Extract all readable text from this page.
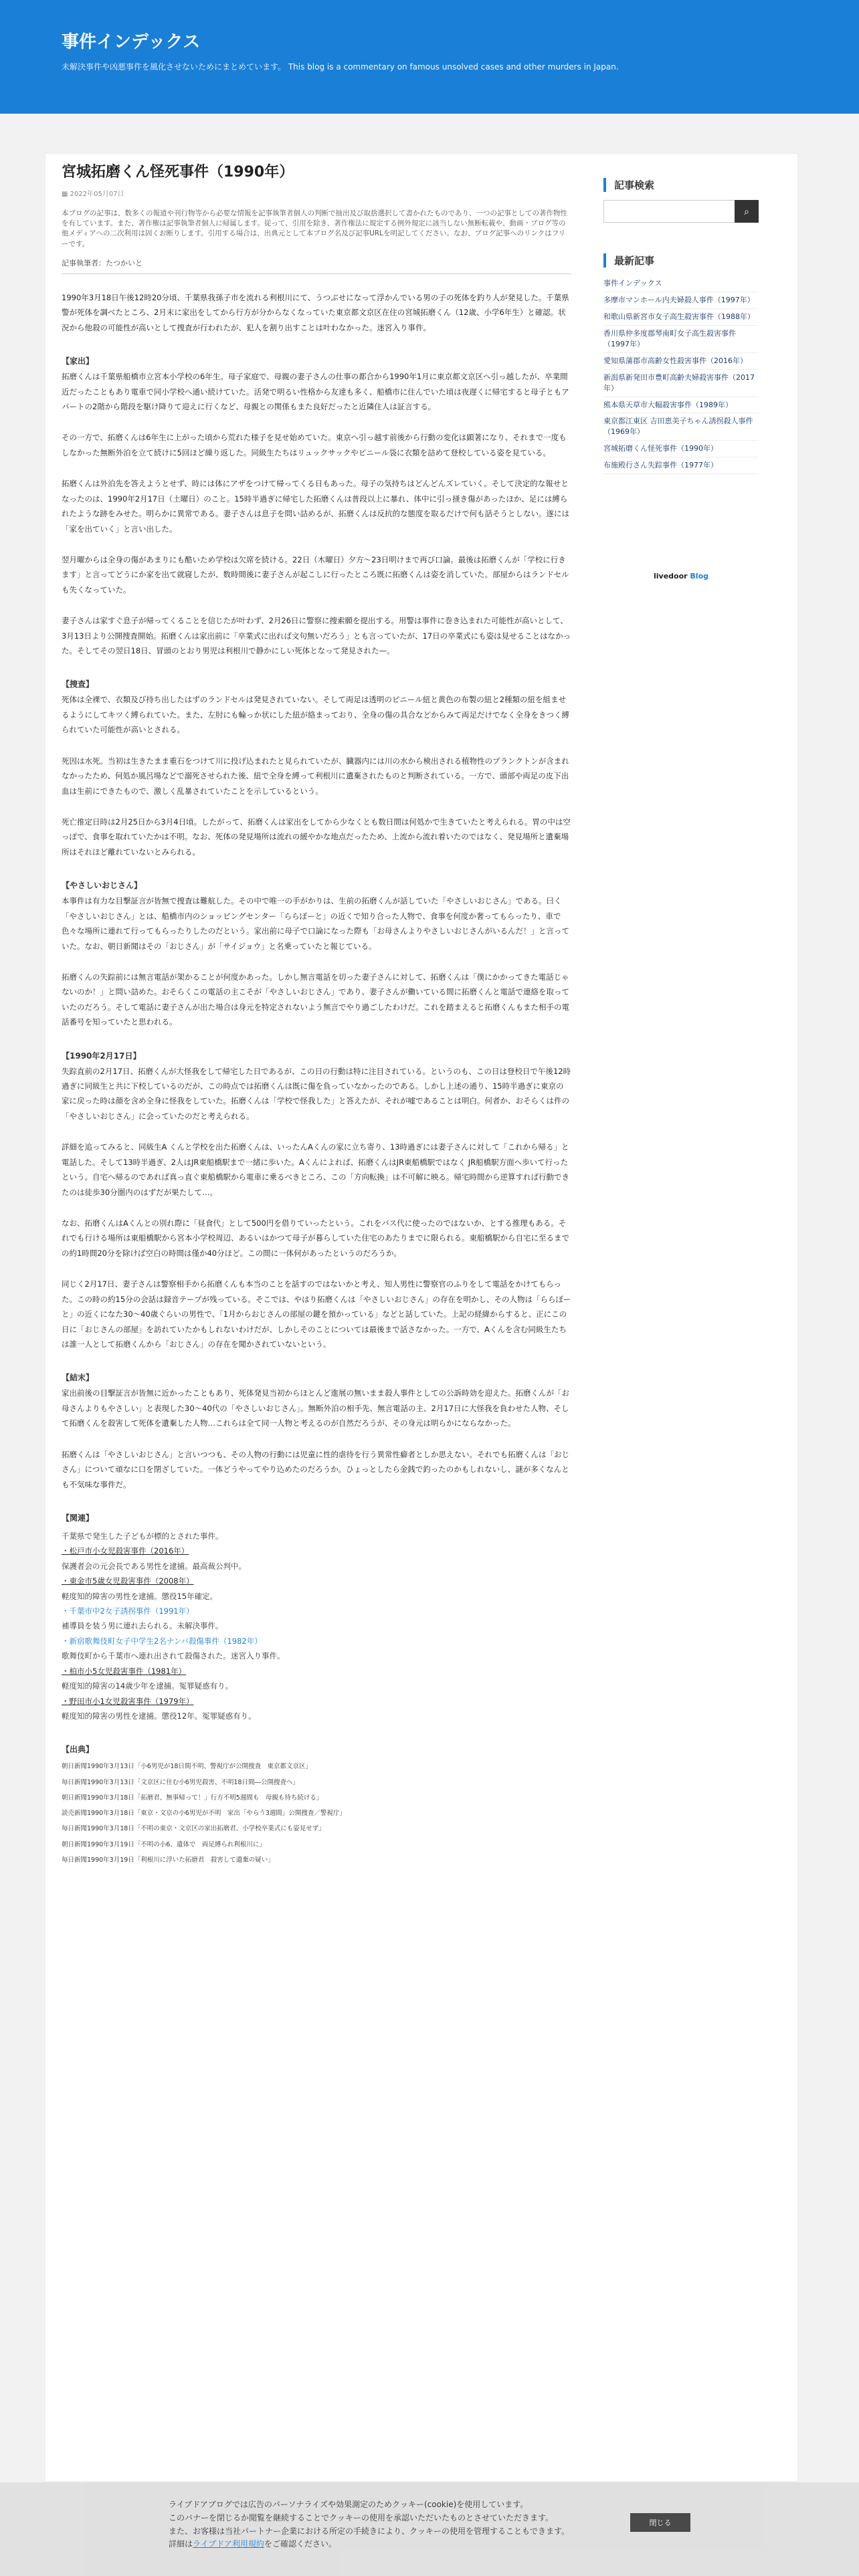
事件インデックス
未解決事件や凶悪事件を風化させないためにまとめています。 This blog is a commentary on famous unsolved cases and other murders in Japan.
宮城拓磨くん怪死事件（1990年）
▦ 2022年05月07日

本ブログの記事は、数多くの報道や刊行物等から必要な情報を記事執筆者個人の判断で抽出及び取捨選択して書かれたものであり、一つの記事としての著作物性を有しています。また、著作権は記事執筆者個人に帰属します。従って、引用を除き、著作権法に規定する例外規定に該当しない無断転載や、動画・ブログ等の他メディアへの二次利用は固くお断りします。引用する場合は、出典元として本ブログ名及び記事URLを明記してください。なお、ブログ記事へのリンクはフリーです。

記事執筆者：たつかいと

1990年3月18日午後12時20分頃、千葉県我孫子市を流れる利根川にて、うつぶせになって浮かんでいる男の子の死体を釣り人が発見した。千葉県警が死体を調べたところ、2月末に家出をしてから行方が分からなくなっていた東京都文京区在住の宮城拓磨くん（12歳、小学6年生）と確認。状況から他殺の可能性が高いとして捜査が行われたが、犯人を割り出すことは叶わなかった。迷宮入り事件。

【家出】

拓磨くんは千葉県船橋市立宮本小学校の6年生。母子家庭で、母親の妻子さんの仕事の都合から1990年1月に東京都文京区へ引っ越したが、卒業間近だったこともあり電車で同小学校へ通い続けていた。活発で明るい性格から友達も多く、船橋市に住んでいた頃は夜遅くに帰宅すると母子ともアパートの2階から階段を駆け降りて迎えに行くなど、母親との関係もまた良好だったと近隣住人は証言する。

その一方で、拓磨くんは6年生に上がった頃から荒れた様子を見せ始めていた。東京へ引っ越す前後から行動の変化は顕著になり、それまで一度もしなかった無断外泊を立て続けに5回ほど繰り返した。同級生たちはリュックサックやビニール袋に衣類を詰めて登校している姿を見ている。

拓磨くんは外泊先を答えようとせず、時には体にアザをつけて帰ってくる日もあった。母子の気持ちはどんどんズレていく。そして決定的な報せとなったのは、1990年2月17日（土曜日）のこと。15時半過ぎに帰宅した拓磨くんは普段以上に暴れ、体中に引っ掻き傷があったほか、足には縛られたような跡をみせた。明らかに異常である。妻子さんは息子を問い詰めるが、拓磨くんは反抗的な態度を取るだけで何も話そうとしない。遂には「家を出ていく」と言い出した。

翌月曜からは全身の傷があまりにも酷いため学校は欠席を続ける。22日（木曜日）夕方〜23日明けまで再び口論。最後は拓磨くんが「学校に行きます」と言ってどうにか家を出て就寝したが、数時間後に妻子さんが起こしに行ったところ既に拓磨くんは姿を消していた。部屋からはランドセルも失くなっていた。

妻子さんは家すぐ息子が帰ってくることを信じたが叶わず、2月26日に警察に捜索願を提出する。用警は事件に巻き込まれた可能性が高いとして、3月13日より公開捜査開始。拓磨くんは家出前に「卒業式に出れば文句無いだろう」とも言っていたが、17日の卒業式にも姿は見せることはなかった。そしてその翌日18日、冒頭のとおり男児は利根川で静かにしい死体となって発見された—。

【捜査】

死体は全裸で、衣類及び持ち出したはずのランドセルは発見されていない。そして両足は透明のビニール紐と黄色の布製の紐と2種類の紐を組ませるようにしてキツく縛られていた。また、左肘にも輪っか状にした紐が絡まっており、全身の傷の具合などからみて両足だけでなく全身をきつく縛られていた可能性が高いとされる。

死因は水死。当初は生きたまま重石をつけて川に投げ込まれたと見られていたが、臓器内には川の水から検出される植物性のプランクトンが含まれなかったため、何処か風呂場などで溺死させられた後、紐で全身を縛って利根川に遺棄されたものと判断されている。一方で、頭部や両足の皮下出血は生前にできたもので、激しく乱暴されていたことを示しているという。

死亡推定日時は2月25日から3月4日頃。したがって、拓磨くんは家出をしてから少なくとも数日間は何処かで生きていたと考えられる。胃の中は空っぽで、食事を取れていたかは不明。なお、死体の発見場所は流れの緩やかな地点だったため、上流から流れ着いたのではなく、発見場所と遺棄場所はそれほど離れていないとみられる。

【やさしいおじさん】

本事件は有力な目撃証言が皆無で捜査は難航した。その中で唯一の手がかりは、生前の拓磨くんが話していた「やさしいおじさん」である。曰く「やさしいおじさん」とは、船橋市内のショッピングセンター「ららぽーと」の近くで知り合った人物で、食事を何度か奢ってもらったり、車で色々な場所に連れて行ってもらったりしたのだという。家出前に母子で口論になった際も「お母さんよりやさしいおじさんがいるんだ！」と言っていた。なお、朝日新聞はその「おじさん」が「サイジョウ」と名乗っていたと報じている。

拓磨くんの失踪前には無言電話が架かることが何度かあった。しかし無言電話を切った妻子さんに対して、拓磨くんは「僕にかかってきた電話じゃないのか！」と問い詰めた。おそらくこの電話の主こそが「やさしいおじさん」であり、妻子さんが働いている間に拓磨くんと電話で連絡を取っていたのだろう。そして電話に妻子さんが出た場合は身元を特定されないよう無言でやり過ごしたわけだ。これを踏まえると拓磨くんもまた相手の電話番号を知っていたと思われる。

【1990年2月17日】

失踪直前の2月17日、拓磨くんが大怪我をして帰宅した日であるが、この日の行動は特に注目されている。というのも、この日は登校日で午後12時過ぎに同級生と共に下校しているのだが、この時点では拓磨くんは既に傷を負っていなかったのである。しかし上述の通り、15時半過ぎに東京の家に戻った時は顔を含め全身に怪我をしていた。拓磨くんは「学校で怪我した」と答えたが、それが嘘であることは明白。何者か、おそらくは件の「やさしいおじさん」に会っていたのだと考えられる。

詳細を追ってみると、同級生A くんと学校を出た拓磨くんは、いったんAくんの家に立ち寄り、13時過ぎには妻子さんに対して「これから帰る」と電話した。そして13時半過ぎ、2人はJR東船橋駅まで一緒に歩いた。Aくんによれば、拓磨くんはJR東船橋駅ではなく JR船橋駅方面へ歩いて行ったという。自宅へ帰るのであれば真っ直ぐ東船橋駅から電車に乗るべきところ、この「方向転換」は不可解に映る。帰宅時間から逆算すれば行動できたのは徒歩30分圏内のはずだが果たして…。

なお、拓磨くんはAくんとの別れ際に「昼食代」として500円を借りていったという。これをバス代に使ったのではないか、とする推理もある。それでも行ける場所は東船橋駅から宮本小学校周辺、あるいはかつて母子が暮らしていた住宅のあたりまでに限られる。東船橋駅から自宅に至るまでの約1時間20分を除けば空白の時間は僅か40分ほど。この間に一体何があったというのだろうか。

同じく2月17日、妻子さんは警察相手から拓磨くんも本当のことを話すのではないかと考え、知人男性に警察官のふりをして電話をかけてもらった。この時の約15分の会話は録音テープが残っている。そこでは、やはり拓磨くんは「やさしいおじさん」の存在を明かし、その人物は「ららぽーと」の近くになた30〜40歳ぐらいの男性で、「1月からおじさんの部屋の鍵を預かっている」などと話していた。上記の経緯からすると、正にこの日に「おじさんの部屋」を訪れていたかもしれないわけだが、しかしそのことについては最後まで話さなかった。一方で、Aくんを含む同級生たちは誰一人として拓磨くんから「おじさん」の存在を聞かされていないという。

【結末】

家出前後の目撃証言が皆無に近かったこともあり、死体発見当初からほとんど進展の無いまま殺人事件としての公訴時効を迎えた。拓磨くんが「お母さんよりもやさしい」と表現した30〜40代の「やさしいおじさん」。無断外泊の相手先、無言電話の主、2月17日に大怪我を負わせた人物、そして拓磨くんを殺害して死体を遺棄した人物…これらは全て同一人物と考えるのが自然だろうが、その身元は明らかにならなかった。

拓磨くんは「やさしいおじさん」と言いつつも、その人物の行動には児童に性的虐待を行う異常性癖者としか思えない。それでも拓磨くんは「おじさん」について頑なに口を閉ざしていた。一体どうやってやり込めたのだろうか。ひょっとしたら金銭で釣ったのかもしれないし、謎が多くなんとも不気味な事件だ。

【関連】
千葉県で発生した子どもが標的とされた事件。
・松戸市小女児殺害事件（2016年）
保護者会の元会長である男性を逮捕。最高裁公判中。
・東金市5歳女児殺害事件（2008年）
軽度知的障害の男性を逮捕。懲役15年確定。
・千葉市中2女子誘拐事件（1991年）
補導員を装う男に連れ去られる。未解決事件。
・新宿歌舞伎町女子中学生2名ナンバ殺傷事件（1982年）
歌舞伎町から千葉市へ連れ出されて殺傷された。迷宮入り事件。
・柏市小5女児殺害事件（1981年）
軽度知的障害の14歳少年を逮捕。冤罪疑惑有り。
・野田市小1女児殺害事件（1979年）
軽度知的障害の男性を逮捕。懲役12年。冤罪疑惑有り。
【出典】
朝日新聞1990年3月13日「小6男児が18日間不明、警視庁が公開捜査　東京都文京区」
毎日新聞1990年3月13日「文京区に住む小6男児殺害、不明18日間―公開捜査へ」
朝日新聞1990年3月18日「拓磨君、無事帰って！」行方不明5週間も　母親も待ち続ける」
読売新聞1990年3月18日「東京・文京の小6男児が不明　家出「やらう3週間」公開捜査／警視庁」
毎日新聞1990年3月18日「不明の東京・文京区の家出拓磨君、小学校卒業式にも姿見せず」
朝日新聞1990年3月19日「不明の小6、遺体で　両足縛られ利根川に」
毎日新聞1990年3月19日「利根川に浮いた拓磨君　殺害して遺棄の疑い」
記事検索
⌕
最新記事
事件インデックス
多摩市マンホール内夫婦殺人事件（1997年）
和歌山県新宮市女子高生殺害事件（1988年）
香川県仲多度郡琴南町女子高生殺害事件（1997年）
愛知県蒲郡市高齢女性殺害事件（2016年）
新潟県新発田市豊町高齢夫婦殺害事件（2017年）
熊本県天草市大幅殺害事件（1989年）
東京都江東区 吉田恵美子ちゃん誘拐殺人事件（1969年）
宮城拓磨くん怪死事件（1990年）
布施殿行さん失踪事件（1977年）
livedoor Blog
ライブドアブログでは広告のパーソナライズや効果測定のためクッキー(cookie)を使用しています。
このバナーを閉じるか閲覧を継続することでクッキーの使用を承認いただいたものとさせていただきます。
また、お客様は当社パートナー企業における所定の手続きにより、クッキーの使用を管理することもできます。
詳細はライブドア利用規約をご確認ください。
閉じる
